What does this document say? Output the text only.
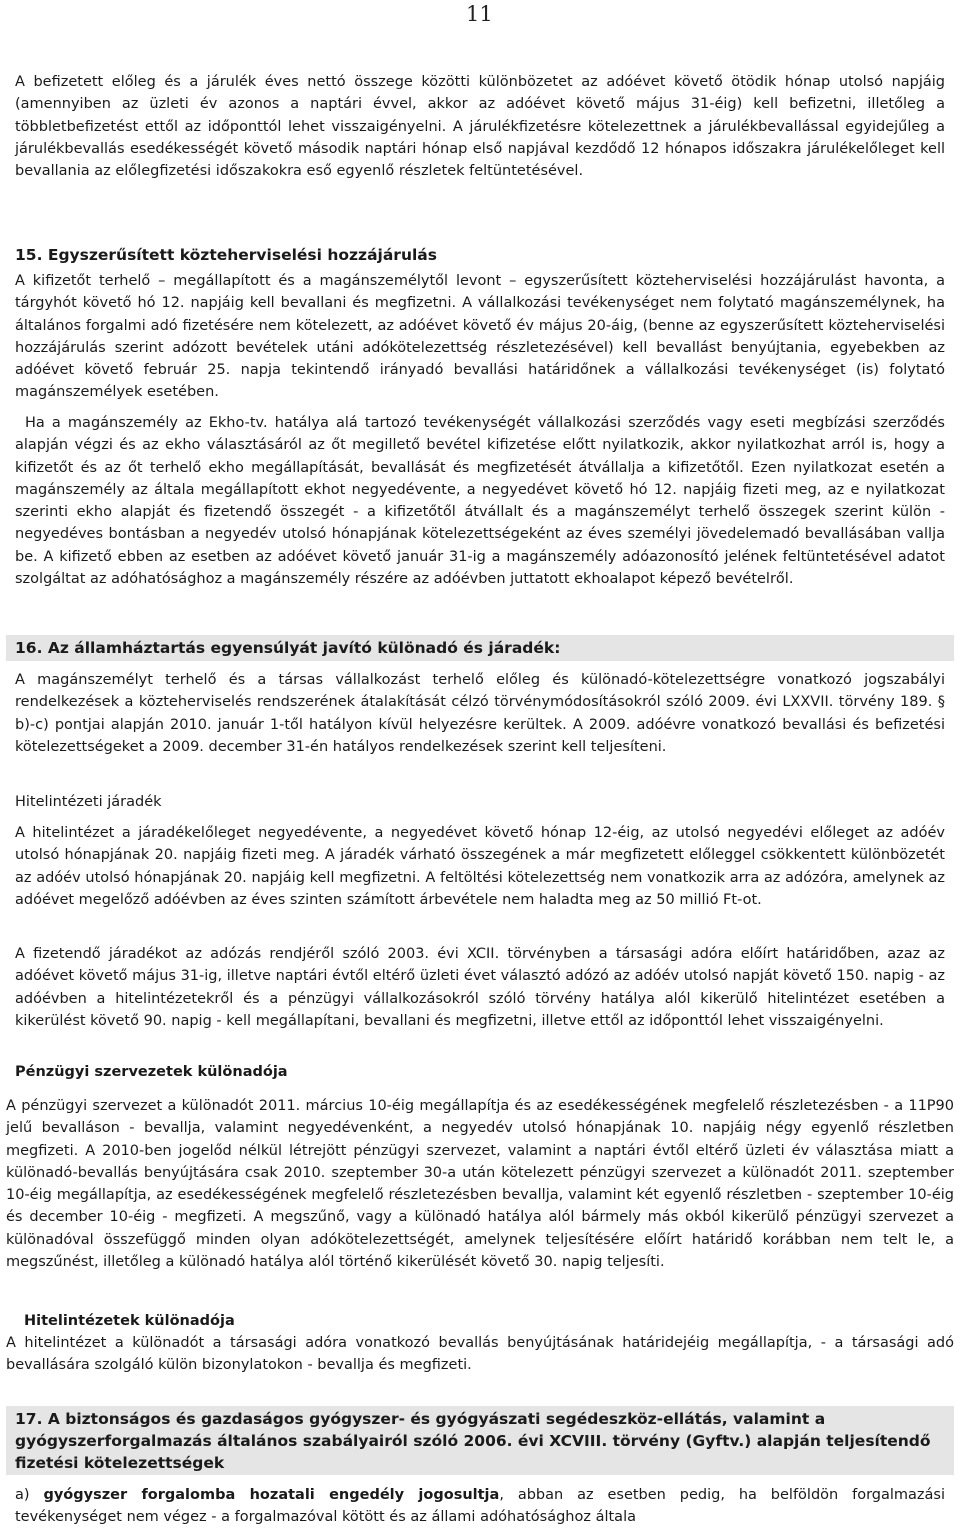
11
A befizetett előleg és a járulék éves nettó összege közötti különbözetet az adóévet követő ötödik hónap utolsó napjáig (amennyiben az üzleti év azonos a naptári évvel, akkor az adóévet követő május 31-éig) kell befizetni, illetőleg a többletbefizetést ettől az időponttól lehet visszaigényelni. A járulékfizetésre kötelezettnek a járulékbevallással egyidejűleg a járulékbevallás esedékességét követő második naptári hónap első napjával kezdődő 12 hónapos időszakra járulékelőleget kell bevallania az előlegfizetési időszakokra eső egyenlő részletek feltüntetésével.
15. Egyszerűsített közteherviselési hozzájárulás
A kifizetőt terhelő – megállapított és a magánszemélytől levont – egyszerűsített közteherviselési hozzájárulást havonta, a tárgyhót követő hó 12. napjáig kell bevallani és megfizetni. A vállalkozási tevékenységet nem folytató magánszemélynek, ha általános forgalmi adó fizetésére nem kötelezett, az adóévet követő év május 20-áig, (benne az egyszerűsített közteherviselési hozzájárulás szerint adózott bevételek utáni adókötelezettség részletezésével) kell bevallást benyújtania, egyebekben az adóévet követő február 25. napja tekintendő irányadó bevallási határidőnek a vállalkozási tevékenységet (is) folytató magánszemélyek esetében.
Ha a magánszemély az Ekho-tv. hatálya alá tartozó tevékenységét vállalkozási szerződés vagy eseti megbízási szerződés alapján végzi és az ekho választásáról az őt megillető bevétel kifizetése előtt nyilatkozik, akkor nyilatkozhat arról is, hogy a kifizetőt és az őt terhelő ekho megállapítását, bevallását és megfizetését átvállalja a kifizetőtől. Ezen nyilatkozat esetén a magánszemély az általa megállapított ekhot negyedévente, a negyedévet követő hó 12. napjáig fizeti meg, az e nyilatkozat szerinti ekho alapját és fizetendő összegét - a kifizetőtől átvállalt és a magánszemélyt terhelő összegek szerint külön - negyedéves bontásban a negyedév utolsó hónapjának kötelezettségeként az éves személyi jövedelemadó bevallásában vallja be. A kifizető ebben az esetben az adóévet követő január 31-ig a magánszemély adóazonosító jelének feltüntetésével adatot szolgáltat az adóhatósághoz a magánszemély részére az adóévben juttatott ekhoalapot képező bevételről.
16. Az államháztartás egyensúlyát javító különadó és járadék:
A magánszemélyt terhelő és a társas vállalkozást terhelő előleg és különadó-kötelezettségre vonatkozó jogszabályi rendelkezések a közteherviselés rendszerének átalakítását célzó törvénymódosításokról szóló 2009. évi LXXVII. törvény 189. § b)-c) pontjai alapján 2010. január 1-től hatályon kívül helyezésre kerültek. A 2009. adóévre vonatkozó bevallási és befizetési kötelezettségeket a 2009. december 31-én hatályos rendelkezések szerint kell teljesíteni.
Hitelintézeti járadék
A hitelintézet a járadékelőleget negyedévente, a negyedévet követő hónap 12-éig, az utolsó negyedévi előleget az adóév utolsó hónapjának 20. napjáig fizeti meg. A járadék várható összegének a már megfizetett előleggel csökkentett különbözetét az adóév utolsó hónapjának 20. napjáig kell megfizetni. A feltöltési kötelezettség nem vonatkozik arra az adózóra, amelynek az adóévet megelőző adóévben az éves szinten számított árbevétele nem haladta meg az 50 millió Ft-ot.
A fizetendő járadékot az adózás rendjéről szóló 2003. évi XCII. törvényben a társasági adóra előírt határidőben, azaz az adóévet követő május 31-ig, illetve naptári évtől eltérő üzleti évet választó adózó az adóév utolsó napját követő 150. napig - az adóévben a hitelintézetekről és a pénzügyi vállalkozásokról szóló törvény hatálya alól kikerülő hitelintézet esetében a kikerülést követő 90. napig - kell megállapítani, bevallani és megfizetni, illetve ettől az időponttól lehet visszaigényelni.
Pénzügyi szervezetek különadója
A pénzügyi szervezet a különadót 2011. március 10-éig megállapítja és az esedékességének megfelelő részletezésben - a 11P90 jelű bevalláson - bevallja, valamint negyedévenként, a negyedév utolsó hónapjának 10. napjáig négy egyenlő részletben megfizeti. A 2010-ben jogelőd nélkül létrejött pénzügyi szervezet, valamint a naptári évtől eltérő üzleti év választása miatt a különadó-bevallás benyújtására csak 2010. szeptember 30-a után kötelezett pénzügyi szervezet a különadót 2011. szeptember 10-éig megállapítja, az esedékességének megfelelő részletezésben bevallja, valamint két egyenlő részletben - szeptember 10-éig és december 10-éig - megfizeti. A megszűnő, vagy a különadó hatálya alól bármely más okból kikerülő pénzügyi szervezet a különadóval összefüggő minden olyan adókötelezettségét, amelynek teljesítésére előírt határidő korábban nem telt le, a megszűnést, illetőleg a különadó hatálya alól történő kikerülését követő 30. napig teljesíti.
Hitelintézetek különadója
A hitelintézet a különadót a társasági adóra vonatkozó bevallás benyújtásának határidejéig megállapítja, - a társasági adó bevallására szolgáló külön bizonylatokon - bevallja és megfizeti.
17. A biztonságos és gazdaságos gyógyszer- és gyógyászati segédeszköz-ellátás, valamint a gyógyszerforgalmazás általános szabályairól szóló 2006. évi XCVIII. törvény (Gyftv.) alapján teljesítendő fizetési kötelezettségek
a) gyógyszer forgalomba hozatali engedély jogosultja, abban az esetben pedig, ha belföldön forgalmazási tevékenységet nem végez - a forgalmazóval kötött és az állami adóhatósághoz általa
